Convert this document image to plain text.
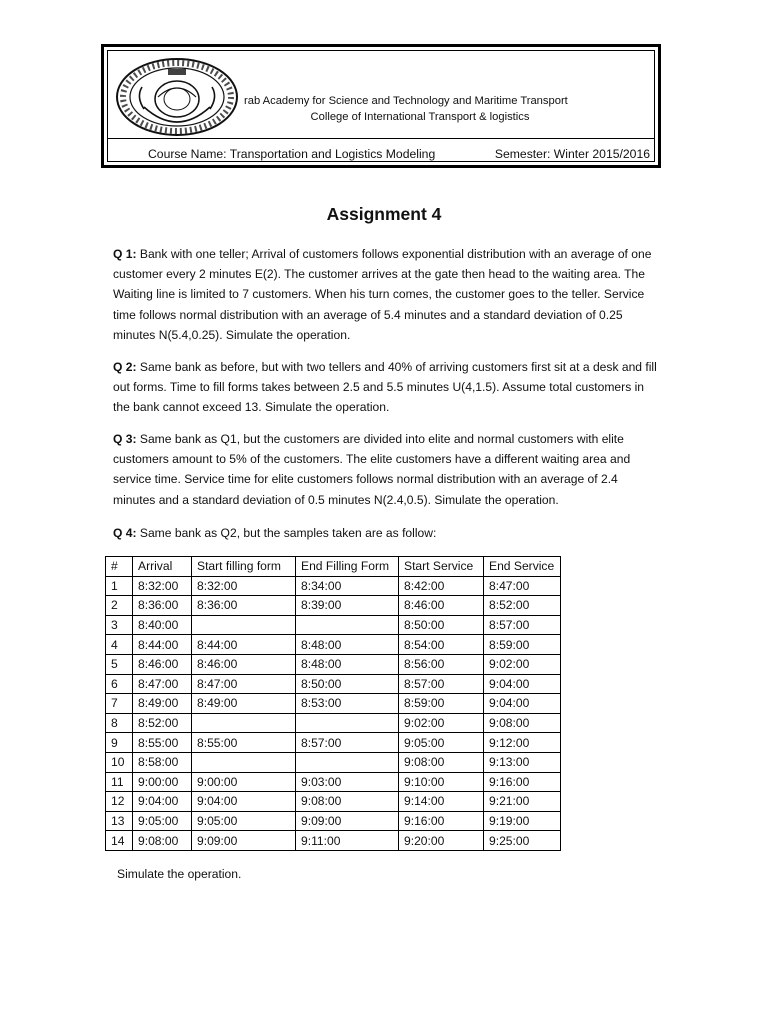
rab Academy for Science and Technology and Maritime Transport
College of International Transport & logistics
Course Name: Transportation and Logistics Modeling	Semester: Winter 2015/2016
Assignment 4
Q 1: Bank with one teller; Arrival of customers follows exponential distribution with an average of one customer every 2 minutes E(2). The customer arrives at the gate then head to the waiting area. The Waiting line is limited to 7 customers. When his turn comes, the customer goes to the teller. Service time follows normal distribution with an average of 5.4 minutes and a standard deviation of 0.25 minutes N(5.4,0.25). Simulate the operation.
Q 2: Same bank as before, but with two tellers and 40% of arriving customers first sit at a desk and fill out forms. Time to fill forms takes between 2.5 and 5.5 minutes U(4,1.5). Assume total customers in the bank cannot exceed 13. Simulate the operation.
Q 3: Same bank as Q1, but the customers are divided into elite and normal customers with elite customers amount to 5% of the customers. The elite customers have a different waiting area and service time. Service time for elite customers follows normal distribution with an average of 2.4 minutes and a standard deviation of 0.5 minutes N(2.4,0.5). Simulate the operation.
Q 4: Same bank as Q2, but the samples taken are as follow:
#	Arrival	Start filling form	End Filling Form	Start Service	End Service
1	8:32:00	8:32:00	8:34:00	8:42:00	8:47:00
2	8:36:00	8:36:00	8:39:00	8:46:00	8:52:00
3	8:40:00			8:50:00	8:57:00
4	8:44:00	8:44:00	8:48:00	8:54:00	8:59:00
5	8:46:00	8:46:00	8:48:00	8:56:00	9:02:00
6	8:47:00	8:47:00	8:50:00	8:57:00	9:04:00
7	8:49:00	8:49:00	8:53:00	8:59:00	9:04:00
8	8:52:00			9:02:00	9:08:00
9	8:55:00	8:55:00	8:57:00	9:05:00	9:12:00
10	8:58:00			9:08:00	9:13:00
11	9:00:00	9:00:00	9:03:00	9:10:00	9:16:00
12	9:04:00	9:04:00	9:08:00	9:14:00	9:21:00
13	9:05:00	9:05:00	9:09:00	9:16:00	9:19:00
14	9:08:00	9:09:00	9:11:00	9:20:00	9:25:00
Simulate the operation.
